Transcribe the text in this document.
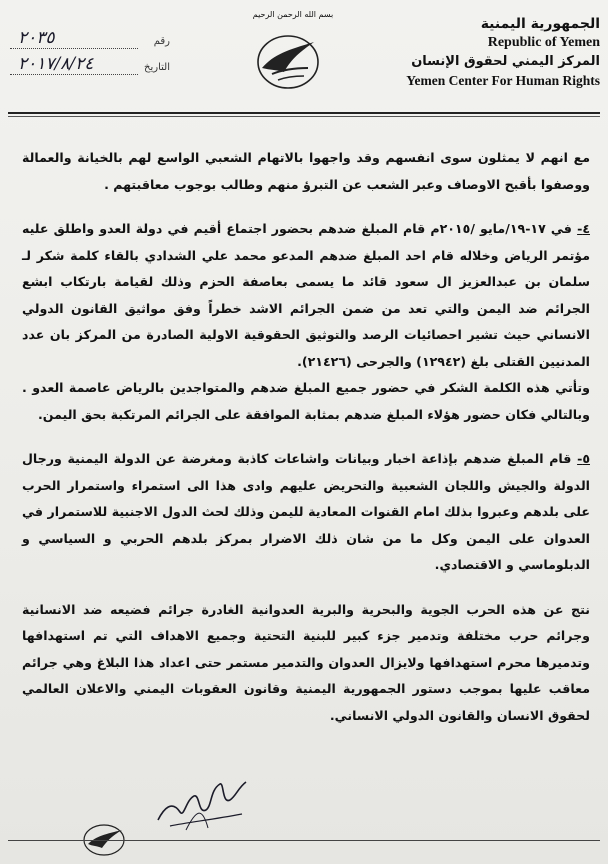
الجمهورية اليمنية
Republic of Yemen
المركز اليمني لحقوق الإنسان
Yemen Center For Human Rights
بسم الله الرحمن الرحيم
رقم
٢٠٣٥
التاريخ
٢٠١٧/٨/٢٤

مع انهم لا يمثلون سوى انفسهم وقد واجهوا بالاتهام الشعبي الواسع لهم بالخيانة والعمالة ووصفوا بأقبح الاوصاف وعبر الشعب عن التبرؤ منهم وطالب بوجوب معاقبتهم .

٤- في ١٧-١٩/مايو /٢٠١٥م قام المبلغ ضدهم بحضور اجتماع أقيم في دولة العدو واطلق عليه مؤتمر الرياض وخلاله قام احد المبلغ ضدهم المدعو محمد علي الشدادي بالقاء كلمة شكر لـ سلمان بن عبدالعزيز ال سعود قائد ما يسمى بعاصفة الحزم وذلك لقيامة بارتكاب ابشع الجرائم ضد اليمن والتي تعد من ضمن الجرائم الاشد خطراً وفق مواثيق القانون الدولي الانساني حيث تشير احصائيات الرصد والتوثيق الحقوقية الاولية الصادرة من المركز بان عدد المدنيين القتلى بلغ (١٢٩٤٢) والجرحى (٢١٤٢٦).

وتأتي هذه الكلمة الشكر في حضور جميع المبلغ ضدهم والمتواجدين بالرياض عاصمة العدو . وبالتالي فكان حضور هؤلاء المبلغ ضدهم بمثابة الموافقة على الجرائم المرتكبة بحق اليمن.

٥- قام المبلغ ضدهم بإذاعة اخبار وبيانات واشاعات كاذبة ومغرضة عن الدولة اليمنية ورجال الدولة والجيش واللجان الشعبية والتحريض عليهم وادى هذا الى استمراء واستمرار الحرب على بلدهم وعبروا بذلك امام القنوات المعادية لليمن وذلك لحث الدول الاجنبية للاستمرار في العدوان على اليمن وكل ما من شان ذلك الاضرار بمركز بلدهم الحربي و السياسي و الدبلوماسي و الاقتصادي.

نتج عن هذه الحرب الجوية والبحرية والبرية العدوانية الغادرة جرائم فضيعه ضد الانسانية وجرائم حرب مختلفة وتدمير جزء كبير للبنية التحتية وجميع الاهداف التي تم استهدافها وتدميرها محرم استهدافها ولايزال العدوان والتدمير مستمر حتى اعداد هذا البلاغ وهي جرائم معاقب عليها بموجب دستور الجمهورية اليمنية وقانون العقوبات اليمني والاعلان العالمي لحقوق الانسان والقانون الدولي الانساني.
